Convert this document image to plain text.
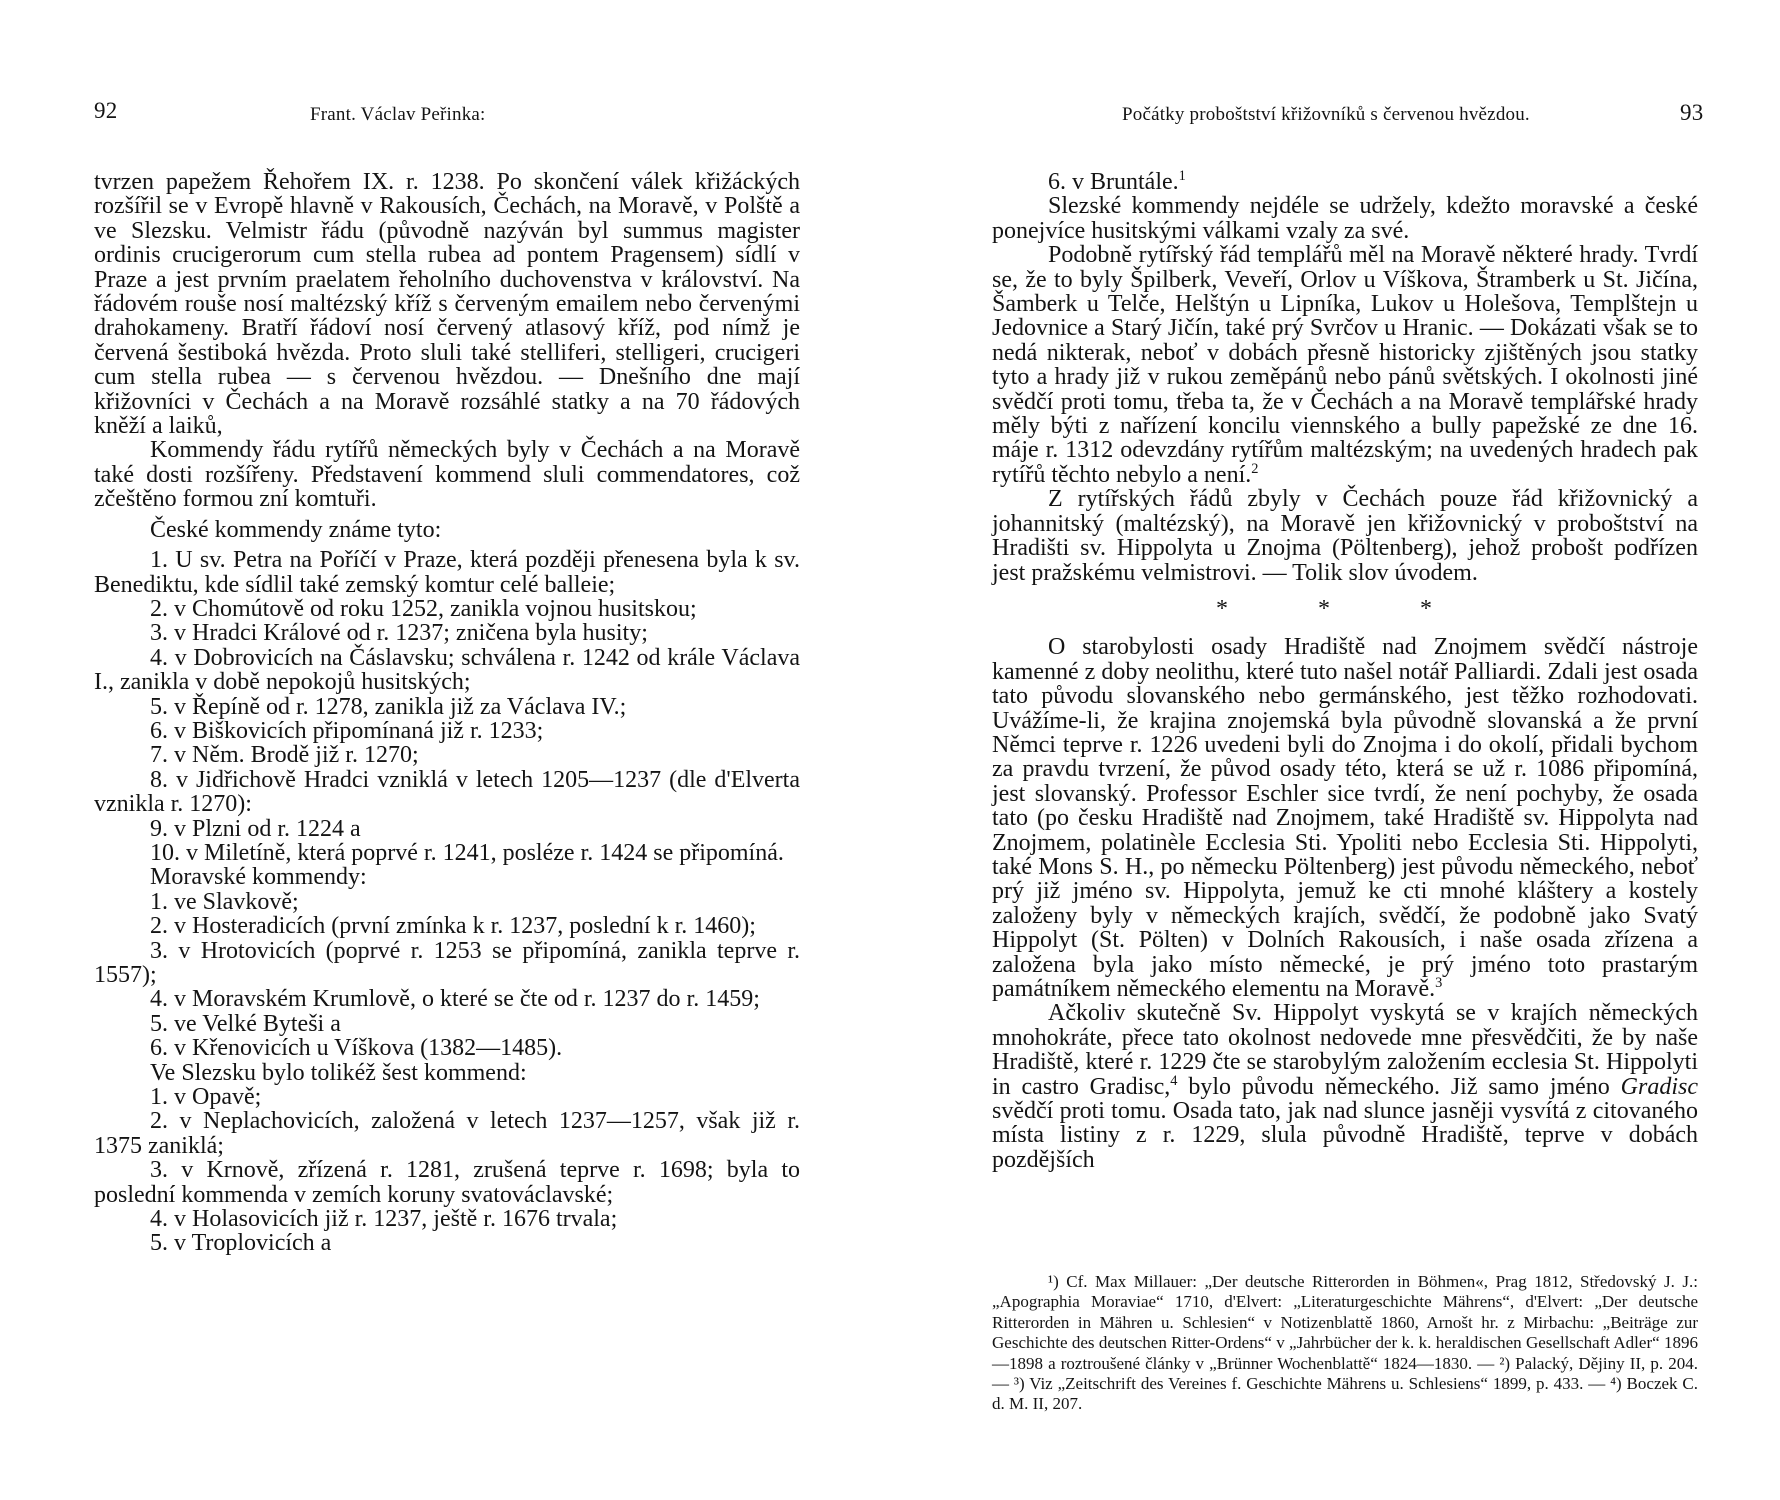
92	Frant. Václav Peřinka:

tvrzen papežem Řehořem IX. r. 1238. Po skončení válek křižáckých rozšířil se v Evropě hlavně v Rakousích, Čechách, na Moravě, v Polště a ve Slezsku. Velmistr řádu (původně nazýván byl summus magister ordinis crucigerorum cum stella rubea ad pontem Pragensem) sídlí v Praze a jest prvním praelatem řeholního duchovenstva v království. Na řádovém rouše nosí maltézský kříž s červeným emailem nebo červenými drahokameny. Bratří řádoví nosí červený atlasový kříž, pod nímž je červená šestiboká hvězda. Proto sluli také stelliferi, stelligeri, crucigeri cum stella rubea — s červenou hvězdou. — Dnešního dne mají křižovníci v Čechách a na Moravě rozsáhlé statky a na 70 řádových kněží a laiků,

Kommendy řádu rytířů německých byly v Čechách a na Moravě také dosti rozšířeny. Představení kommend sluli commendatores, což zčeštěno formou zní komtuři.

České kommendy známe tyto:

1. U sv. Petra na Poříčí v Praze, která později přenesena byla k sv. Benediktu, kde sídlil také zemský komtur celé balleie;

2. v Chomútově od roku 1252, zanikla vojnou husitskou;

3. v Hradci Králové od r. 1237; zničena byla husity;

4. v Dobrovicích na Čáslavsku; schválena r. 1242 od krále Václava I., zanikla v době nepokojů husitských;

5. v Řepíně od r. 1278, zanikla již za Václava IV.;

6. v Biškovicích připomínaná již r. 1233;

7. v Něm. Brodě již r. 1270;

8. v Jidřichově Hradci vzniklá v letech 1205—1237 (dle d'Elverta vznikla r. 1270):

9. v Plzni od r. 1224 a

10. v Miletíně, která poprvé r. 1241, posléze r. 1424 se připomíná.

Moravské kommendy:

1. ve Slavkově;

2. v Hosteradicích (první zmínka k r. 1237, poslední k r. 1460);

3. v Hrotovicích (poprvé r. 1253 se připomíná, zanikla teprve r. 1557);

4. v Moravském Krumlově, o které se čte od r. 1237 do r. 1459;

5. ve Velké Byteši a

6. v Křenovicích u Víškova (1382—1485).

Ve Slezsku bylo tolikéž šest kommend:

1. v Opavě;

2. v Neplachovicích, založená v letech 1237—1257, však již r. 1375 zaniklá;

3. v Krnově, zřízená r. 1281, zrušená teprve r. 1698; byla to poslední kommenda v zemích koruny svatováclavské;

4. v Holasovicích již r. 1237, ještě r. 1676 trvala;

5. v Troplovicích a

Počátky proboštství křižovníků s červenou hvězdou.	93

6. v Bruntále.$^1$

Slezské kommendy nejdéle se udržely, kdežto moravské a české ponejvíce husitskými válkami vzaly za své.

Podobně rytířský řád templářů měl na Moravě některé hrady. Tvrdí se, že to byly Špilberk, Veveří, Orlov u Víškova, Štramberk u St. Jičína, Šamberk u Telče, Helštýn u Lipníka, Lukov u Holešova, Templštejn u Jedovnice a Starý Jičín, také prý Svrčov u Hranic. — Dokázati však se to nedá nikterak, neboť v dobách přesně historicky zjištěných jsou statky tyto a hrady již v rukou zeměpánů nebo pánů světských. I okolnosti jiné svědčí proti tomu, třeba ta, že v Čechách a na Moravě templářské hrady měly býti z nařízení koncilu viennského a bully papežské ze dne 16. máje r. 1312 odevzdány rytířům maltézským; na uvedených hradech pak rytířů těchto nebylo a není.$^2$

Z rytířských řádů zbyly v Čechách pouze řád křižovnický a johannitský (maltézský), na Moravě jen křižovnický v proboštství na Hradišti sv. Hippolyta u Znojma (Pöltenberg), jehož probošt podřízen jest pražskému velmistrovi. — Tolik slov úvodem.

* * *

O starobylosti osady Hradiště nad Znojmem svědčí nástroje kamenné z doby neolithu, které tuto našel notář Palliardi. Zdali jest osada tato původu slovanského nebo germánského, jest těžko rozhodovati. Uvážíme-li, že krajina znojemská byla původně slovanská a že první Němci teprve r. 1226 uvedeni byli do Znojma i do okolí, přidali bychom za pravdu tvrzení, že původ osady této, která se už r. 1086 připomíná, jest slovanský. Professor Eschler sice tvrdí, že není pochyby, že osada tato (po česku Hradiště nad Znojmem, také Hradiště sv. Hippolyta nad Znojmem, polatinèle Ecclesia Sti. Ypoliti nebo Ecclesia Sti. Hippolyti, také Mons S. H., po německu Pöltenberg) jest původu německého, neboť prý již jméno sv. Hippolyta, jemuž ke cti mnohé kláštery a kostely založeny byly v německých krajích, svědčí, že podobně jako Svatý Hippolyt (St. Pölten) v Dolních Rakousích, i naše osada zřízena a založena byla jako místo německé, je prý jméno toto prastarým památníkem německého elementu na Moravě.$^3$

Ačkoliv skutečně Sv. Hippolyt vyskytá se v krajích německých mnohokráte, přece tato okolnost nedovede mne přesvědčiti, že by naše Hradiště, které r. 1229 čte se starobylým založením ecclesia St. Hippolyti in castro Gradisc,$^4$ bylo původu německého. Již samo jméno Gradisc svědčí proti tomu. Osada tato, jak nad slunce jasněji vysvítá z citovaného místa listiny z r. 1229, slula původně Hradiště, teprve v dobách pozdějších

¹) Cf. Max Millauer: „Der deutsche Ritterorden in Böhmen«, Prag 1812, Středovský J. J.: „Apographia Moraviae“ 1710, d'Elvert: „Literaturgeschichte Mährens“, d'Elvert: „Der deutsche Ritterorden in Mähren u. Schlesien“ v Notizenblattě 1860, Arnošt hr. z Mirbachu: „Beiträge zur Geschichte des deutschen Ritter-Ordens“ v „Jahrbücher der k. k. heraldischen Gesellschaft Adler“ 1896—1898 a roztroušené články v „Brünner Wochenblattě“ 1824—1830. — ²) Palacký, Dějiny II, p. 204. — ³) Viz „Zeitschrift des Vereines f. Geschichte Mährens u. Schlesiens“ 1899, p. 433. — ⁴) Boczek C. d. M. II, 207.
